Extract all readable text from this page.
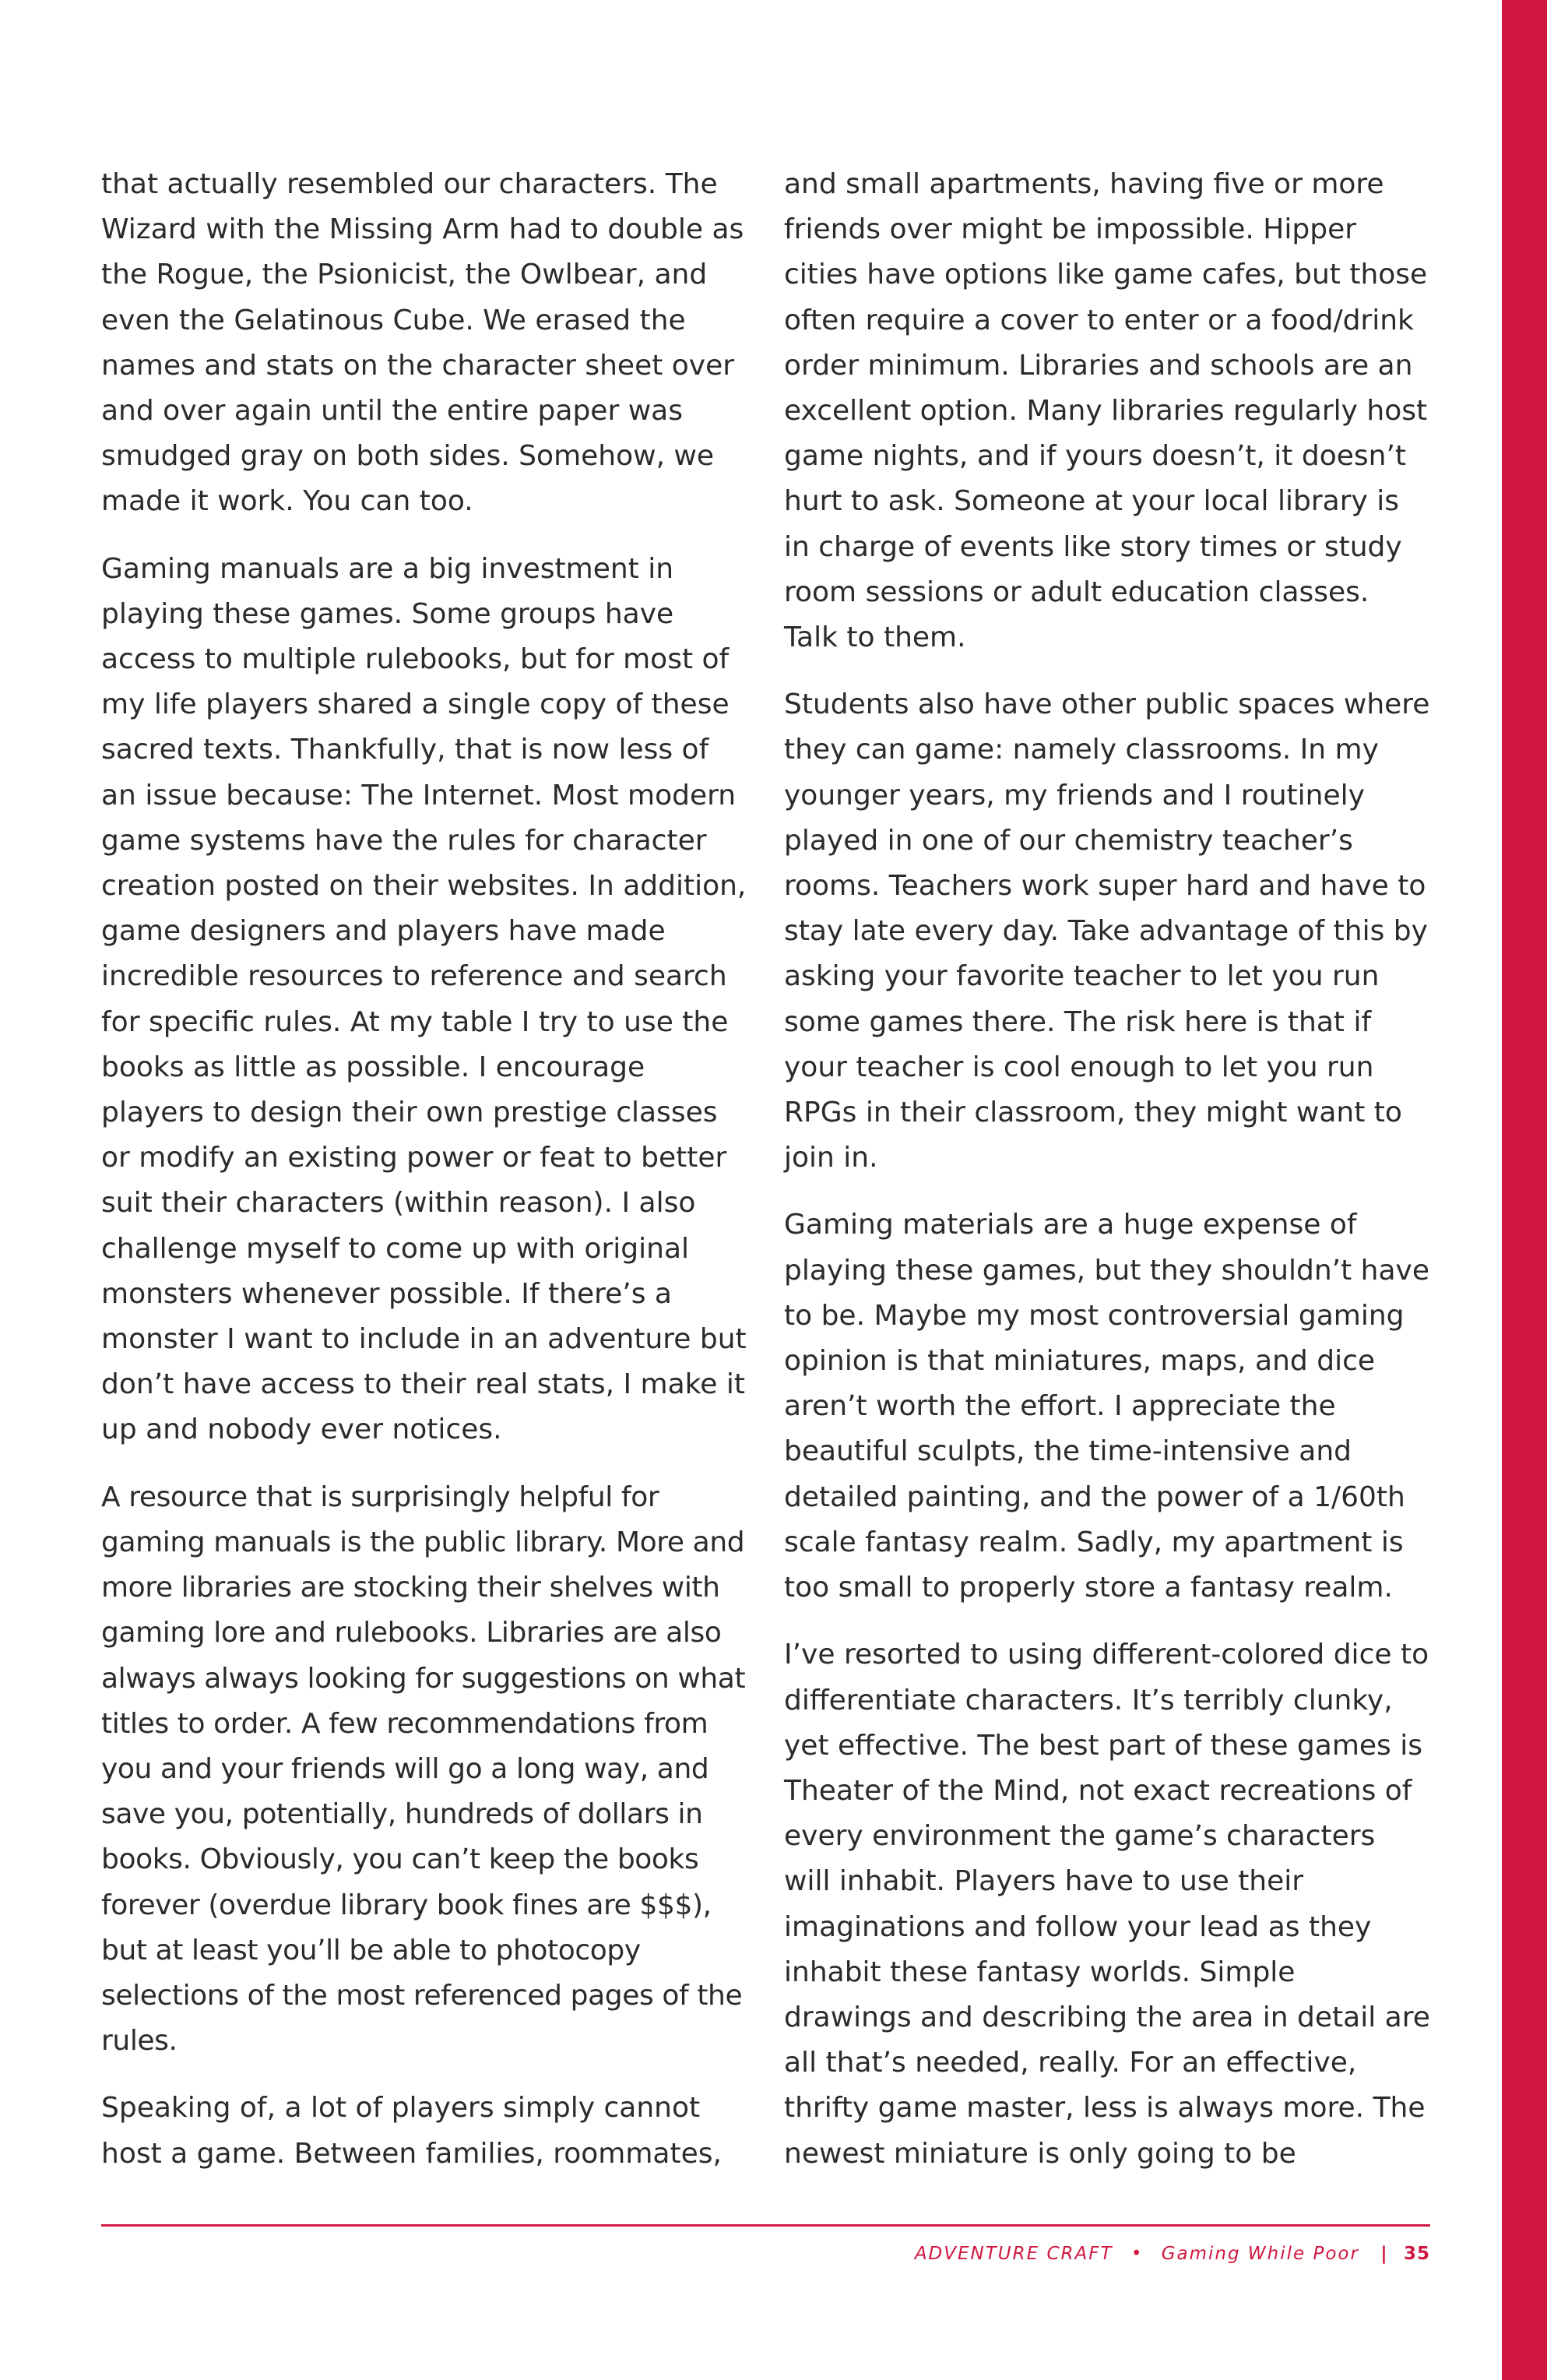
that actually resembled our characters. The Wizard with the Missing Arm had to double as the Rogue, the Psionicist, the Owlbear, and even the Gelatinous Cube. We erased the names and stats on the character sheet over and over again until the entire paper was smudged gray on both sides. Somehow, we made it work. You can too.

Gaming manuals are a big investment in playing these games. Some groups have access to multiple rulebooks, but for most of my life players shared a single copy of these sacred texts. Thankfully, that is now less of an issue because: The Internet. Most modern game systems have the rules for character creation posted on their websites. In addition, game designers and players have made incredible resources to reference and search for specific rules. At my table I try to use the books as little as possible. I encourage players to design their own prestige classes or modify an existing power or feat to better suit their characters (within reason). I also challenge myself to come up with original monsters whenever possible. If there’s a monster I want to include in an adventure but don’t have access to their real stats, I make it up and nobody ever notices.

A resource that is surprisingly helpful for gaming manuals is the public library. More and more libraries are stocking their shelves with gaming lore and rulebooks. Libraries are also always always looking for suggestions on what titles to order. A few recommendations from you and your friends will go a long way, and save you, potentially, hundreds of dollars in books. Obviously, you can’t keep the books forever (overdue library book fines are $$$), but at least you’ll be able to photocopy selections of the most referenced pages of the rules.

Speaking of, a lot of players simply cannot host a game. Between families, roommates,

and small apartments, having five or more friends over might be impossible. Hipper cities have options like game cafes, but those often require a cover to enter or a food/drink order minimum. Libraries and schools are an excellent option. Many libraries regularly host game nights, and if yours doesn’t, it doesn’t hurt to ask. Someone at your local library is in charge of events like story times or study room sessions or adult education classes. Talk to them.

Students also have other public spaces where they can game: namely classrooms. In my younger years, my friends and I routinely played in one of our chemistry teacher’s rooms. Teachers work super hard and have to stay late every day. Take advantage of this by asking your favorite teacher to let you run some games there. The risk here is that if your teacher is cool enough to let you run RPGs in their classroom, they might want to join in.

Gaming materials are a huge expense of playing these games, but they shouldn’t have to be. Maybe my most controversial gaming opinion is that miniatures, maps, and dice aren’t worth the effort. I appreciate the beautiful sculpts, the time-intensive and detailed painting, and the power of a 1/60th scale fantasy realm. Sadly, my apartment is too small to properly store a fantasy realm.

I’ve resorted to using different-colored dice to differentiate characters. It’s terribly clunky, yet effective. The best part of these games is Theater of the Mind, not exact recreations of every environment the game’s characters will inhabit. Players have to use their imaginations and follow your lead as they inhabit these fantasy worlds. Simple drawings and describing the area in detail are all that’s needed, really. For an effective, thrifty game master, less is always more. The newest miniature is only going to be

ADVENTURE CRAFT • Gaming While Poor | 35
